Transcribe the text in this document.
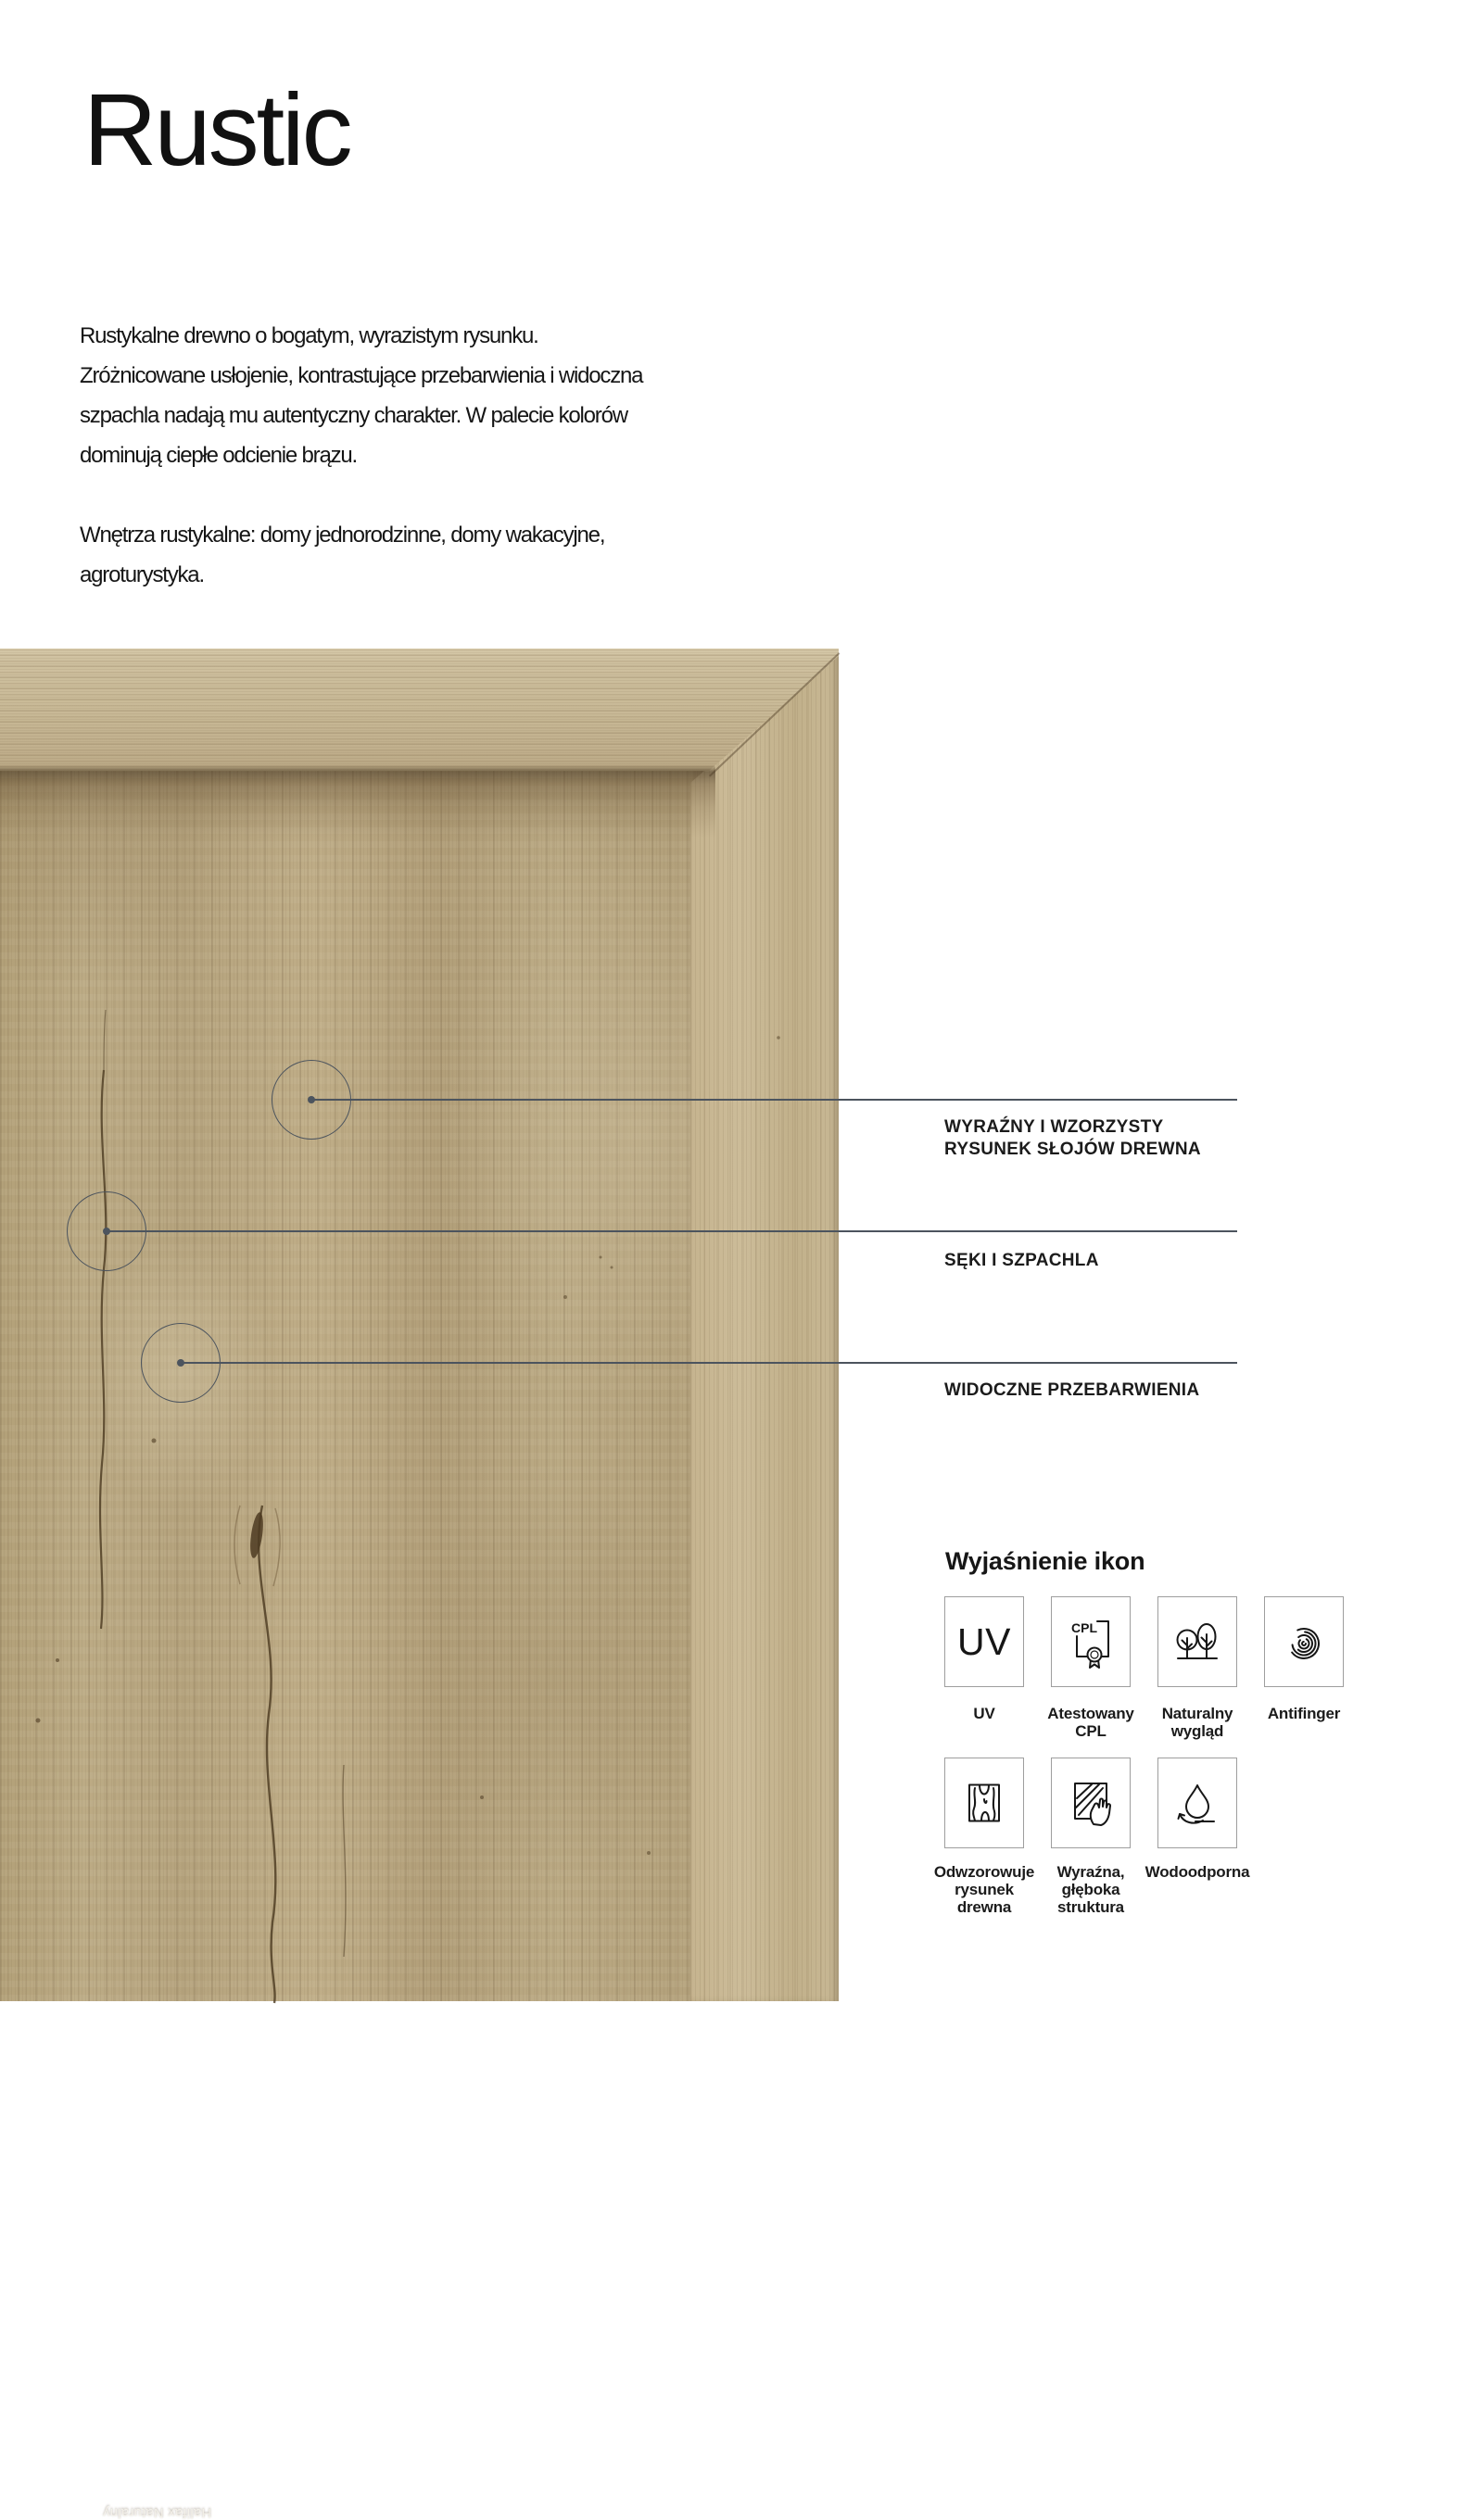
Rustic
Rustykalne drewno o bogatym, wyrazistym rysunku.
Zróżnicowane usłojenie, kontrastujące przebarwienia i widoczna
szpachla nadają mu autentyczny charakter. W palecie kolorów
dominują ciepłe odcienie brązu.
Wnętrza rustykalne: domy jednorodzinne, domy wakacyjne,
agroturystyka.
Halifax Naturalny
WYRAŹNY I WZORZYSTY
RYSUNEK SŁOJÓW DREWNA
SĘKI I SZPACHLA
WIDOCZNE PRZEBARWIENIA
Wyjaśnienie ikon
UV	CPL
UV	Atestowany
CPL
Naturalny
wygląd
Antifinger
Odwzorowuje
rysunek
drewna
Wyraźna,
głęboka
struktura
Wodoodporna
